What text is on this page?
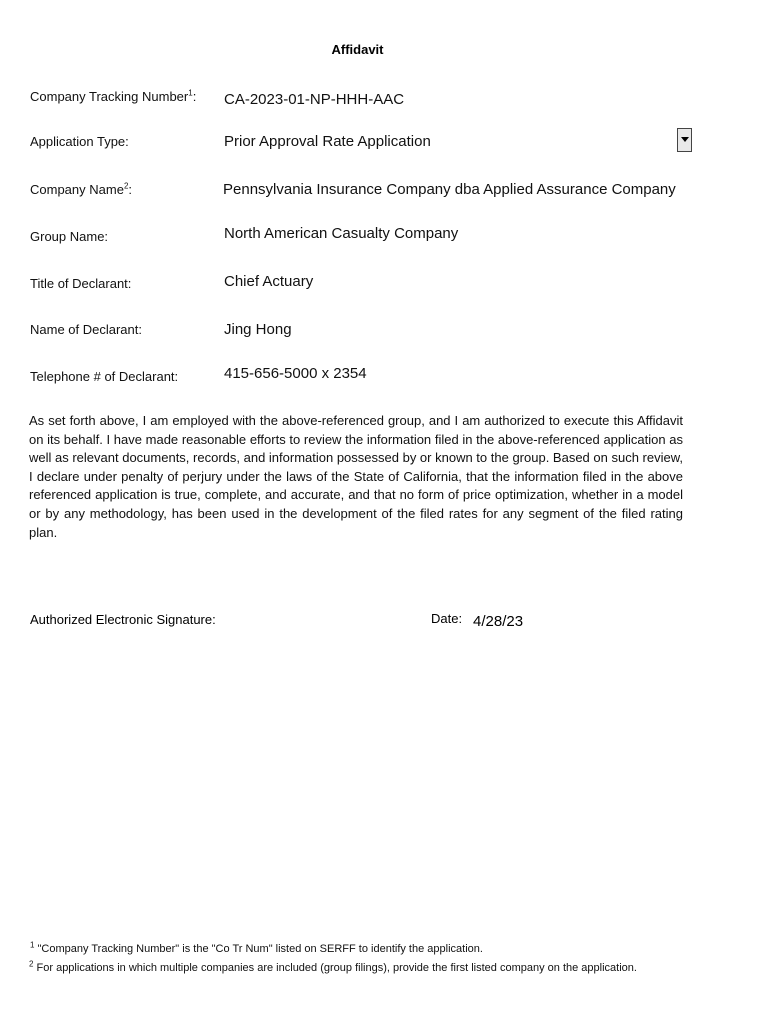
Affidavit
Company Tracking Number$^1$: CA-2023-01-NP-HHH-AAC
Application Type:	Prior Approval Rate Application
Company Name$^2$:	Pennsylvania Insurance Company dba Applied Assurance Company
Group Name:	North American Casualty Company
Title of Declarant:	Chief Actuary
Name of Declarant:	Jing Hong
Telephone # of Declarant:	415-656-5000 x 2354
As set forth above, I am employed with the above-referenced group, and I am authorized to execute this Affidavit on its behalf. I have made reasonable efforts to review the information filed in the above-referenced application as well as relevant documents, records, and information possessed by or known to the group. Based on such review, I declare under penalty of perjury under the laws of the State of California, that the information filed in the above referenced application is true, complete, and accurate, and that no form of price optimization, whether in a model or by any methodology, has been used in the development of the filed rates for any segment of the filed rating plan.
Authorized Electronic Signature:	Date: 4/28/23
$^1$ "Company Tracking Number" is the "Co Tr Num" listed on SERFF to identify the application.
$^2$ For applications in which multiple companies are included (group filings), provide the first listed company on the application.
